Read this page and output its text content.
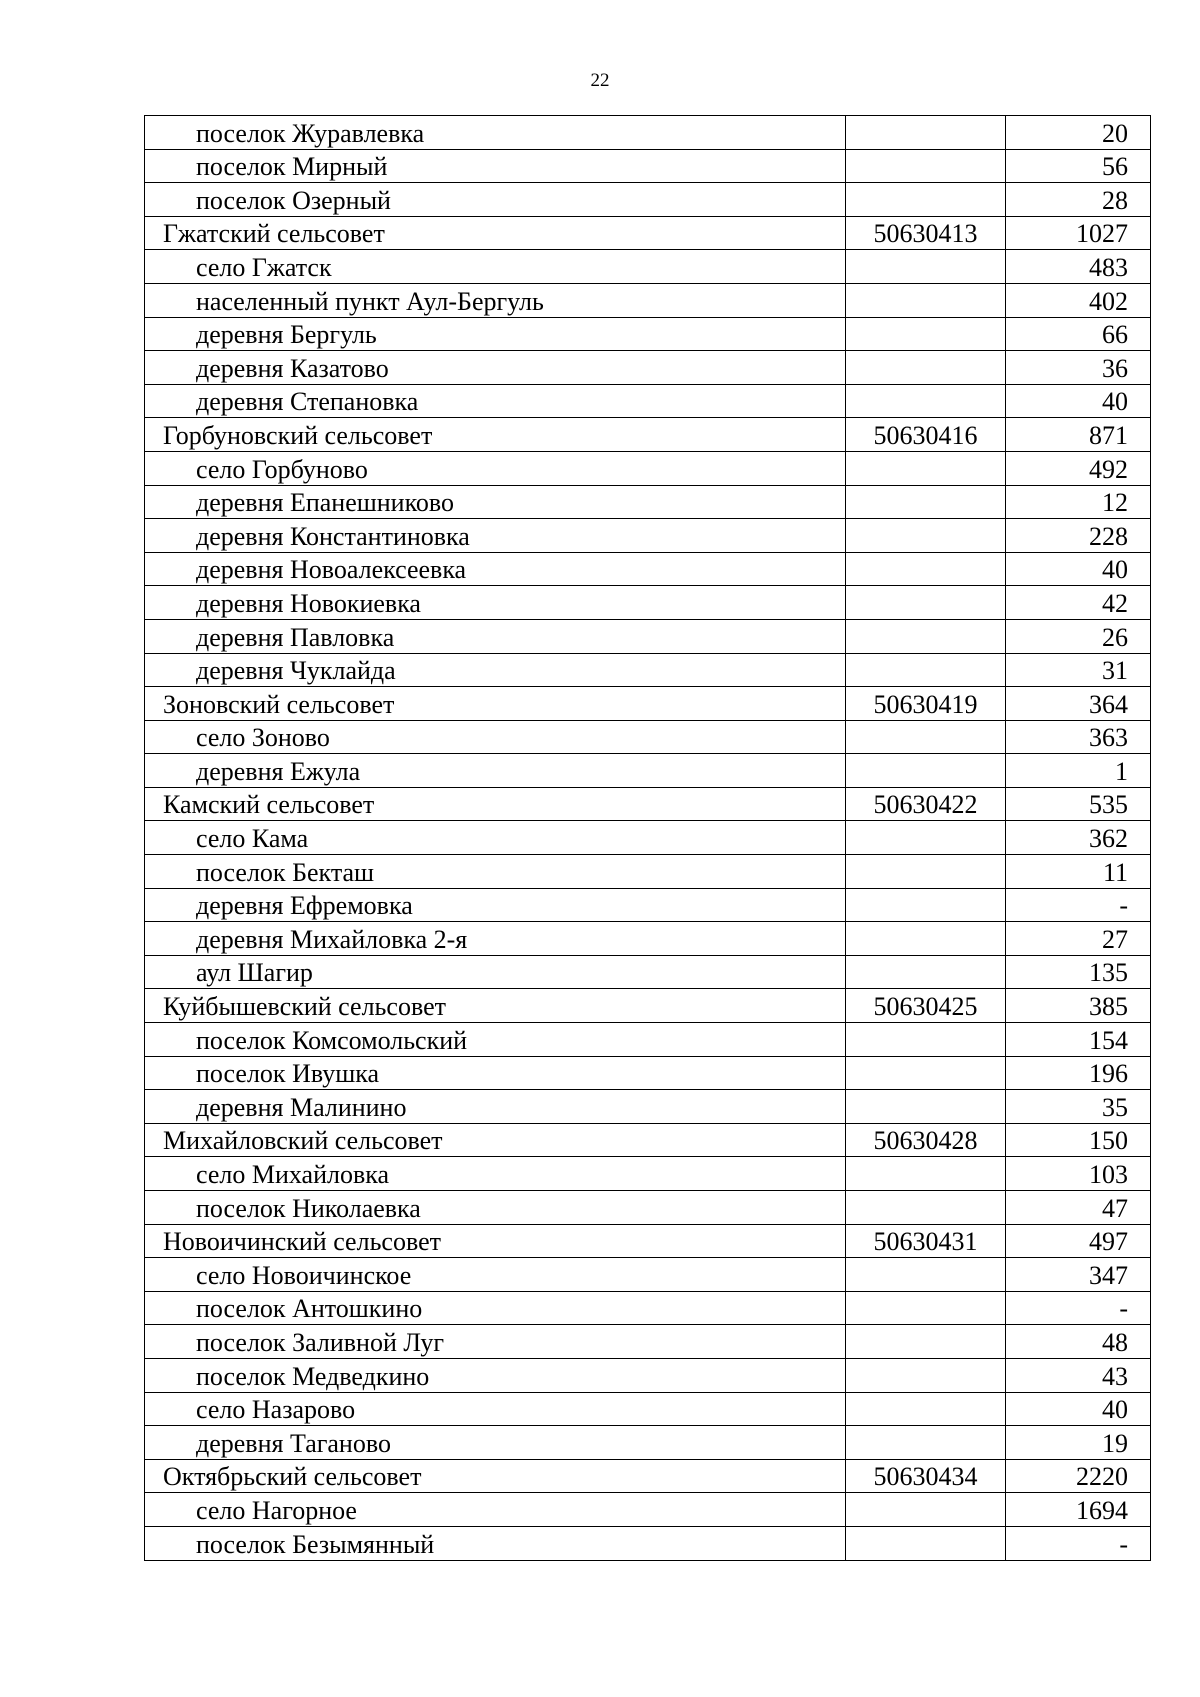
22
поселок Журавлевка		20
поселок Мирный		56
поселок Озерный		28
Гжатский сельсовет	50630413	1027
село Гжатск		483
населенный пункт Аул-Бергуль		402
деревня Бергуль		66
деревня Казатово		36
деревня Степановка		40
Горбуновский сельсовет	50630416	871
село Горбуново		492
деревня Епанешниково		12
деревня Константиновка		228
деревня Новоалексеевка		40
деревня Новокиевка		42
деревня Павловка		26
деревня Чуклайда		31
Зоновский сельсовет	50630419	364
село Зоново		363
деревня Ежула		1
Камский сельсовет	50630422	535
село Кама		362
поселок Бекташ		11
деревня Ефремовка		-
деревня Михайловка 2-я		27
аул Шагир		135
Куйбышевский сельсовет	50630425	385
поселок Комсомольский		154
поселок Ивушка		196
деревня Малинино		35
Михайловский сельсовет	50630428	150
село Михайловка		103
поселок Николаевка		47
Новоичинский сельсовет	50630431	497
село Новоичинское		347
поселок Антошкино		-
поселок Заливной Луг		48
поселок Медведкино		43
село Назарово		40
деревня Таганово		19
Октябрьский сельсовет	50630434	2220
село Нагорное		1694
поселок Безымянный		-
